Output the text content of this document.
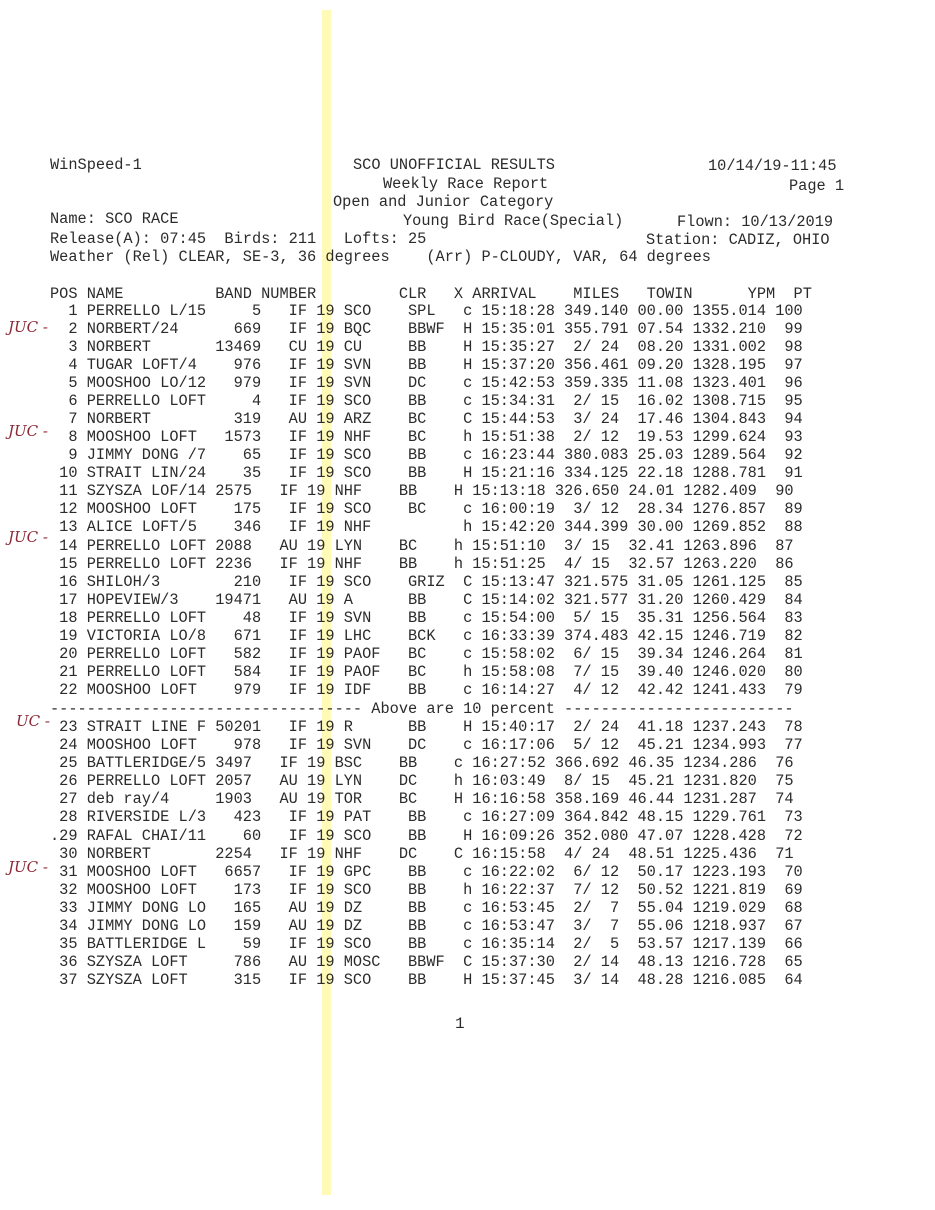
WinSpeed-1	SCO UNOFFICIAL RESULTS	10/14/19-11:45
Weekly Race Report	Page 1
Open and Junior Category
Name: SCO RACE	Young Bird Race(Special)	Flown: 10/13/2019
Release(A): 07:45  Birds: 211   Lofts: 25	Station: CADIZ, OHIO
Weather (Rel) CLEAR, SE-3, 36 degrees    (Arr) P-CLOUDY, VAR, 64 degrees
POS NAME          BAND NUMBER         CLR   X ARRIVAL    MILES   TOWIN      YPM  PT
1 PERRELLO L/15     5   IF 19 SCO    SPL   c 15:18:28 349.140 00.00 1355.014 100
2 NORBERT/24      669   IF 19 BQC    BBWF  H 15:35:01 355.791 07.54 1332.210  99
3 NORBERT       13469   CU 19 CU     BB    H 15:35:27  2/ 24  08.20 1331.002  98
4 TUGAR LOFT/4    976   IF 19 SVN    BB    H 15:37:20 356.461 09.20 1328.195  97
5 MOOSHOO LO/12   979   IF 19 SVN    DC    c 15:42:53 359.335 11.08 1323.401  96
6 PERRELLO LOFT     4   IF 19 SCO    BB    c 15:34:31  2/ 15  16.02 1308.715  95
7 NORBERT         319   AU 19 ARZ    BC    C 15:44:53  3/ 24  17.46 1304.843  94
8 MOOSHOO LOFT   1573   IF 19 NHF    BC    h 15:51:38  2/ 12  19.53 1299.624  93
9 JIMMY DONG /7    65   IF 19 SCO    BB    c 16:23:44 380.083 25.03 1289.564  92
10 STRAIT LIN/24    35   IF 19 SCO    BB    H 15:21:16 334.125 22.18 1288.781  91
11 SZYSZA LOF/14 2575   IF 19 NHF    BB    H 15:13:18 326.650 24.01 1282.409  90
12 MOOSHOO LOFT    175   IF 19 SCO    BC    c 16:00:19  3/ 12  28.34 1276.857  89
13 ALICE LOFT/5    346   IF 19 NHF          h 15:42:20 344.399 30.00 1269.852  88
14 PERRELLO LOFT 2088   AU 19 LYN    BC    h 15:51:10  3/ 15  32.41 1263.896  87
15 PERRELLO LOFT 2236   IF 19 NHF    BB    h 15:51:25  4/ 15  32.57 1263.220  86
16 SHILOH/3        210   IF 19 SCO    GRIZ  C 15:13:47 321.575 31.05 1261.125  85
17 HOPEVIEW/3    19471   AU 19 A      BB    C 15:14:02 321.577 31.20 1260.429  84
18 PERRELLO LOFT    48   IF 19 SVN    BB    c 15:54:00  5/ 15  35.31 1256.564  83
19 VICTORIA LO/8   671   IF 19 LHC    BCK   c 16:33:39 374.483 42.15 1246.719  82
20 PERRELLO LOFT   582   IF 19 PAOF   BC    c 15:58:02  6/ 15  39.34 1246.264  81
21 PERRELLO LOFT   584   IF 19 PAOF   BC    h 15:58:08  7/ 15  39.40 1246.020  80
22 MOOSHOO LOFT    979   IF 19 IDF    BB    c 16:14:27  4/ 12  42.42 1241.433  79
---------------------------------- Above are 10 percent -------------------------
23 STRAIT LINE F 50201   IF 19 R      BB    H 15:40:17  2/ 24  41.18 1237.243  78
24 MOOSHOO LOFT    978   IF 19 SVN    DC    c 16:17:06  5/ 12  45.21 1234.993  77
25 BATTLERIDGE/5 3497   IF 19 BSC    BB    c 16:27:52 366.692 46.35 1234.286  76
26 PERRELLO LOFT 2057   AU 19 LYN    DC    h 16:03:49  8/ 15  45.21 1231.820  75
27 deb ray/4     1903   AU 19 TOR    BC    H 16:16:58 358.169 46.44 1231.287  74
28 RIVERSIDE L/3   423   IF 19 PAT    BB    c 16:27:09 364.842 48.15 1229.761  73
.29 RAFAL CHAI/11    60   IF 19 SCO    BB    H 16:09:26 352.080 47.07 1228.428  72
30 NORBERT       2254   IF 19 NHF    DC    C 16:15:58  4/ 24  48.51 1225.436  71
31 MOOSHOO LOFT   6657   IF 19 GPC    BB    c 16:22:02  6/ 12  50.17 1223.193  70
32 MOOSHOO LOFT    173   IF 19 SCO    BB    h 16:22:37  7/ 12  50.52 1221.819  69
33 JIMMY DONG LO   165   AU 19 DZ     BB    c 16:53:45  2/  7  55.04 1219.029  68
34 JIMMY DONG LO   159   AU 19 DZ     BB    c 16:53:47  3/  7  55.06 1218.937  67
35 BATTLERIDGE L    59   IF 19 SCO    BB    c 16:35:14  2/  5  53.57 1217.139  66
36 SZYSZA LOFT     786   AU 19 MOSC   BBWF  C 15:37:30  2/ 14  48.13 1216.728  65
37 SZYSZA LOFT     315   IF 19 SCO    BB    H 15:37:45  3/ 14  48.28 1216.085  64
JUC -
JUC -
JUC -
UC -
JUC -
1
